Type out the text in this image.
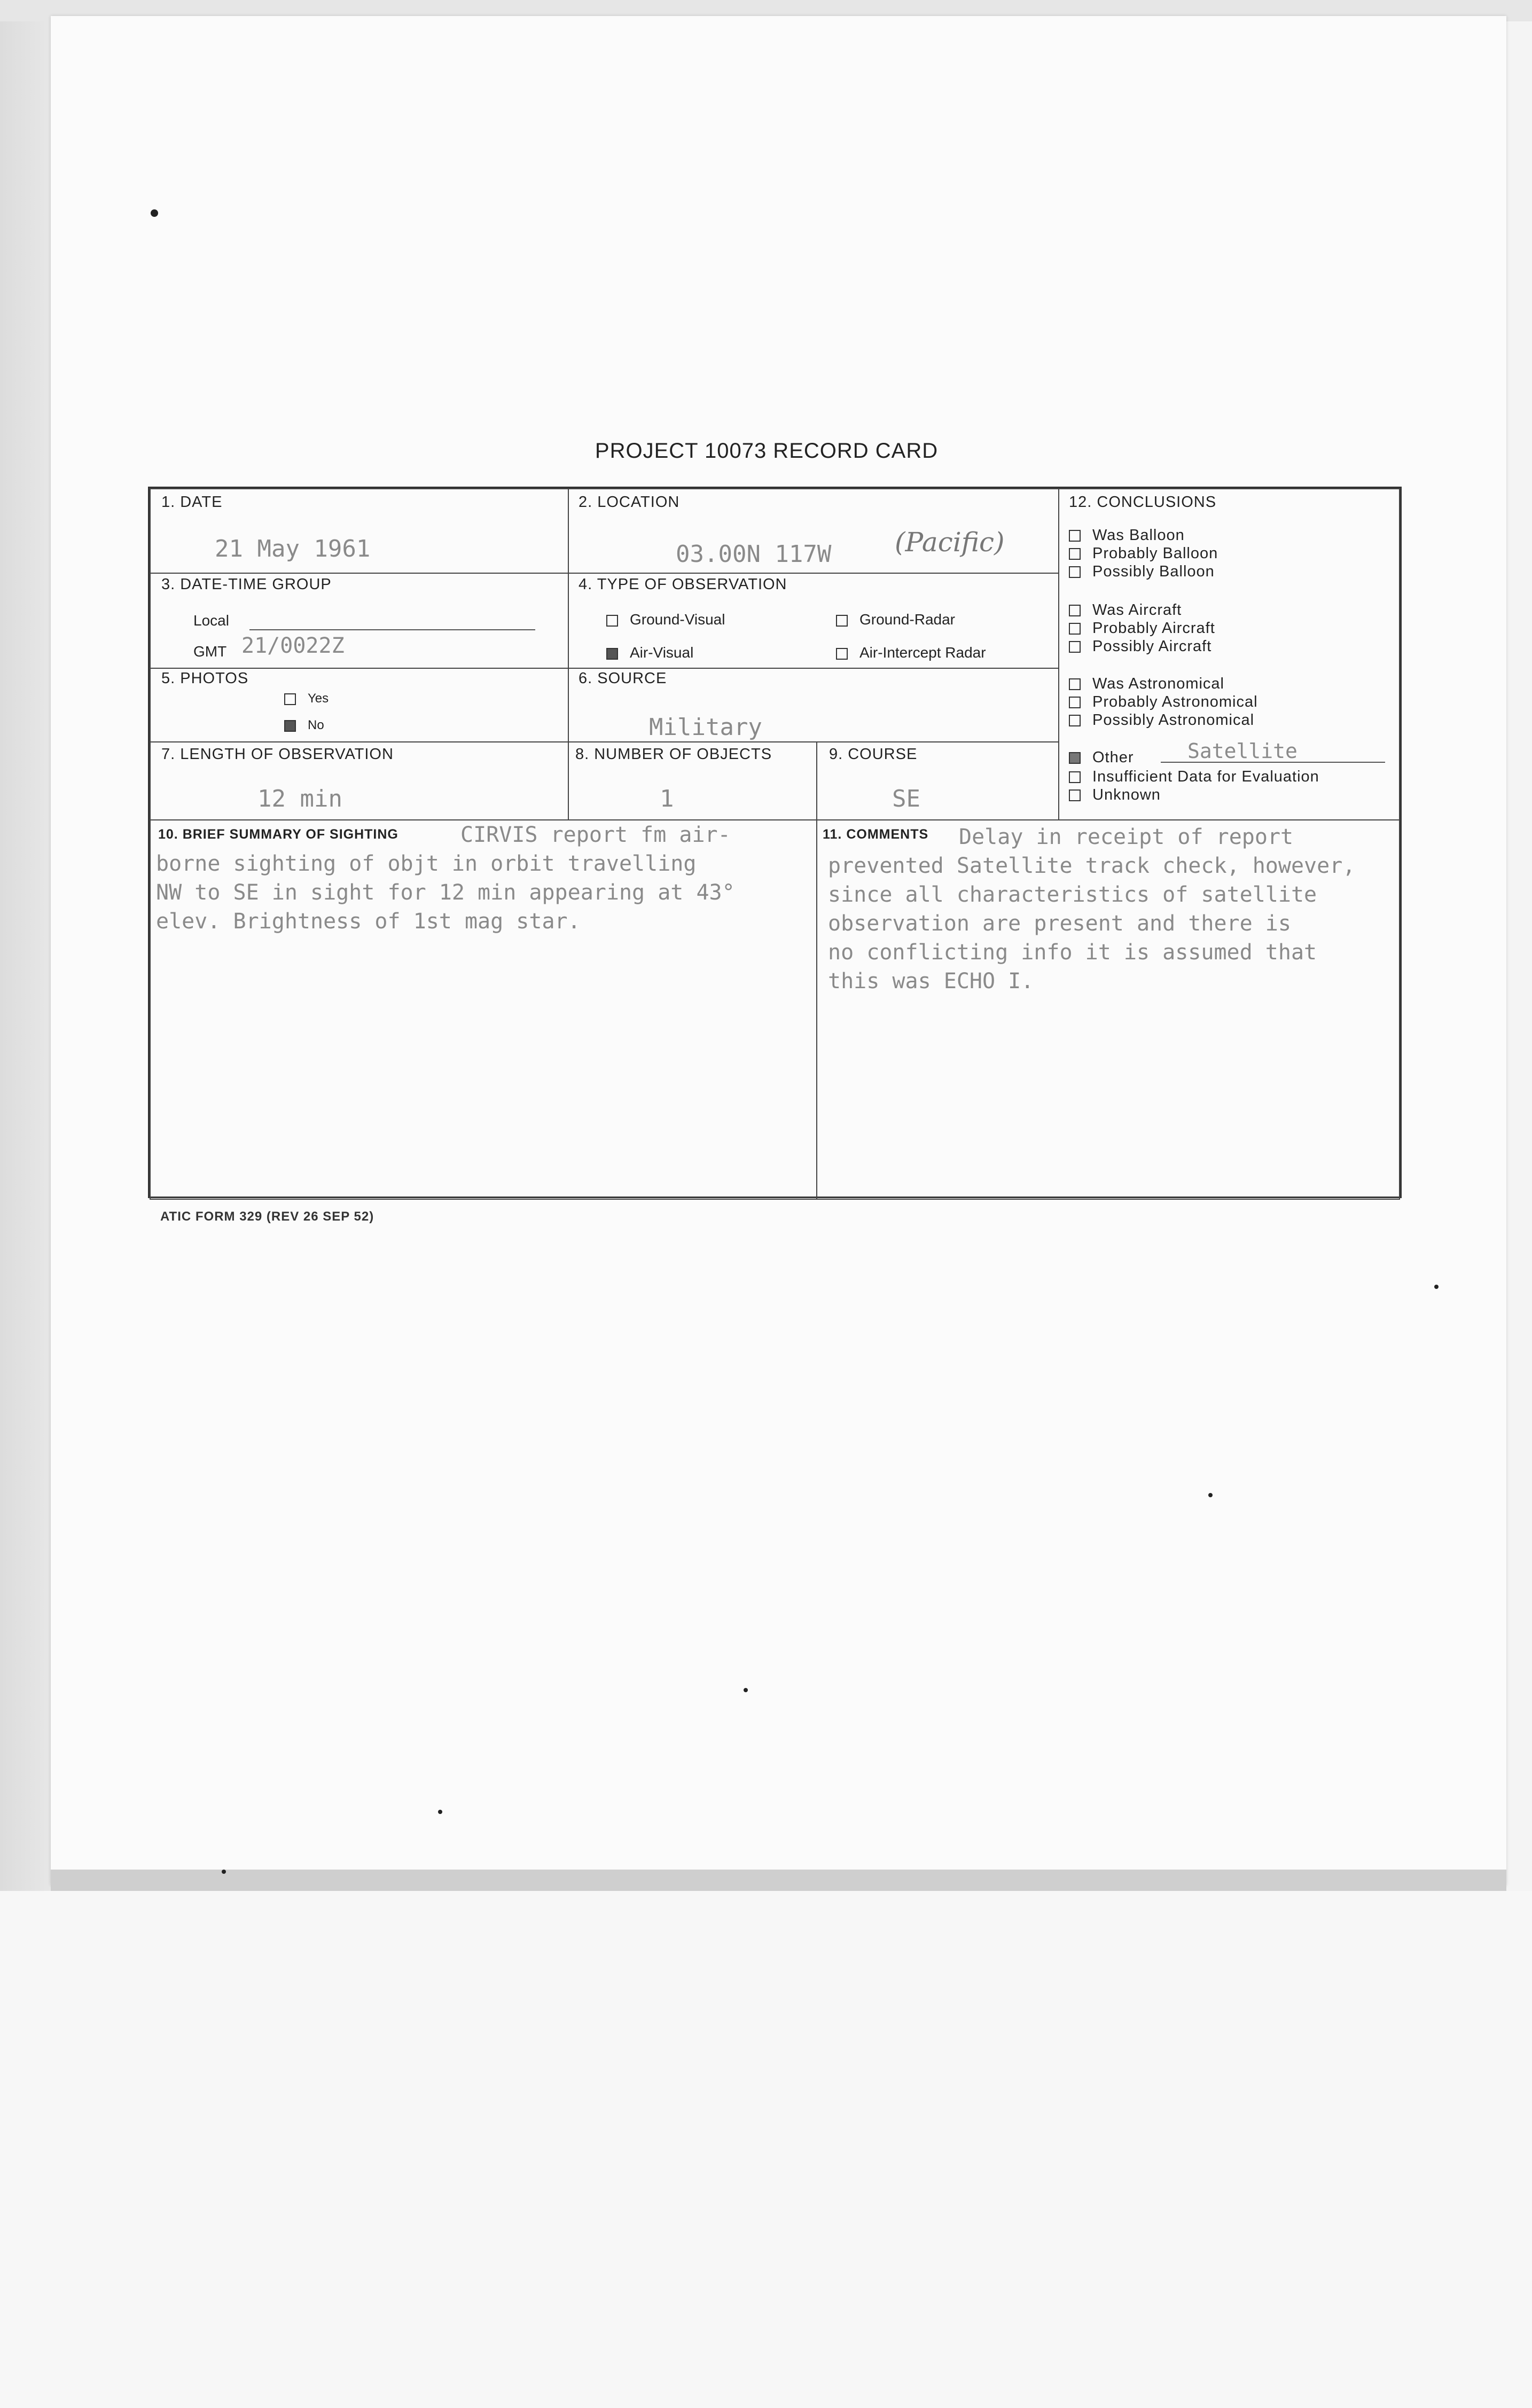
PROJECT 10073 RECORD CARD
1. DATE
21 May 1961
2. LOCATION
03.00N 117W (Pacific)
3. DATE-TIME GROUP
Local
GMT 21/0022Z
4. TYPE OF OBSERVATION
Ground-Visual	Ground-Radar
Air-Visual	Air-Intercept Radar
5. PHOTOS
Yes
No
6. SOURCE
Military
7. LENGTH OF OBSERVATION
12 min
8. NUMBER OF OBJECTS
1
9. COURSE
SE
12. CONCLUSIONS
Was Balloon
Probably Balloon
Possibly Balloon
Was Aircraft
Probably Aircraft
Possibly Aircraft
Was Astronomical
Probably Astronomical
Possibly Astronomical
Other	Satellite
Insufficient Data for Evaluation
Unknown
10. BRIEF SUMMARY OF SIGHTING	CIRVIS report fm air-
borne sighting of objt in orbit travelling
NW to SE in sight for 12 min appearing at 43°
elev. Brightness of 1st mag star.
11. COMMENTS Delay in receipt of report
prevented Satellite track check, however,
since all characteristics of satellite
observation are present and there is
no conflicting info it is assumed that
this was ECHO I.
ATIC FORM 329 (REV 26 SEP 52)
